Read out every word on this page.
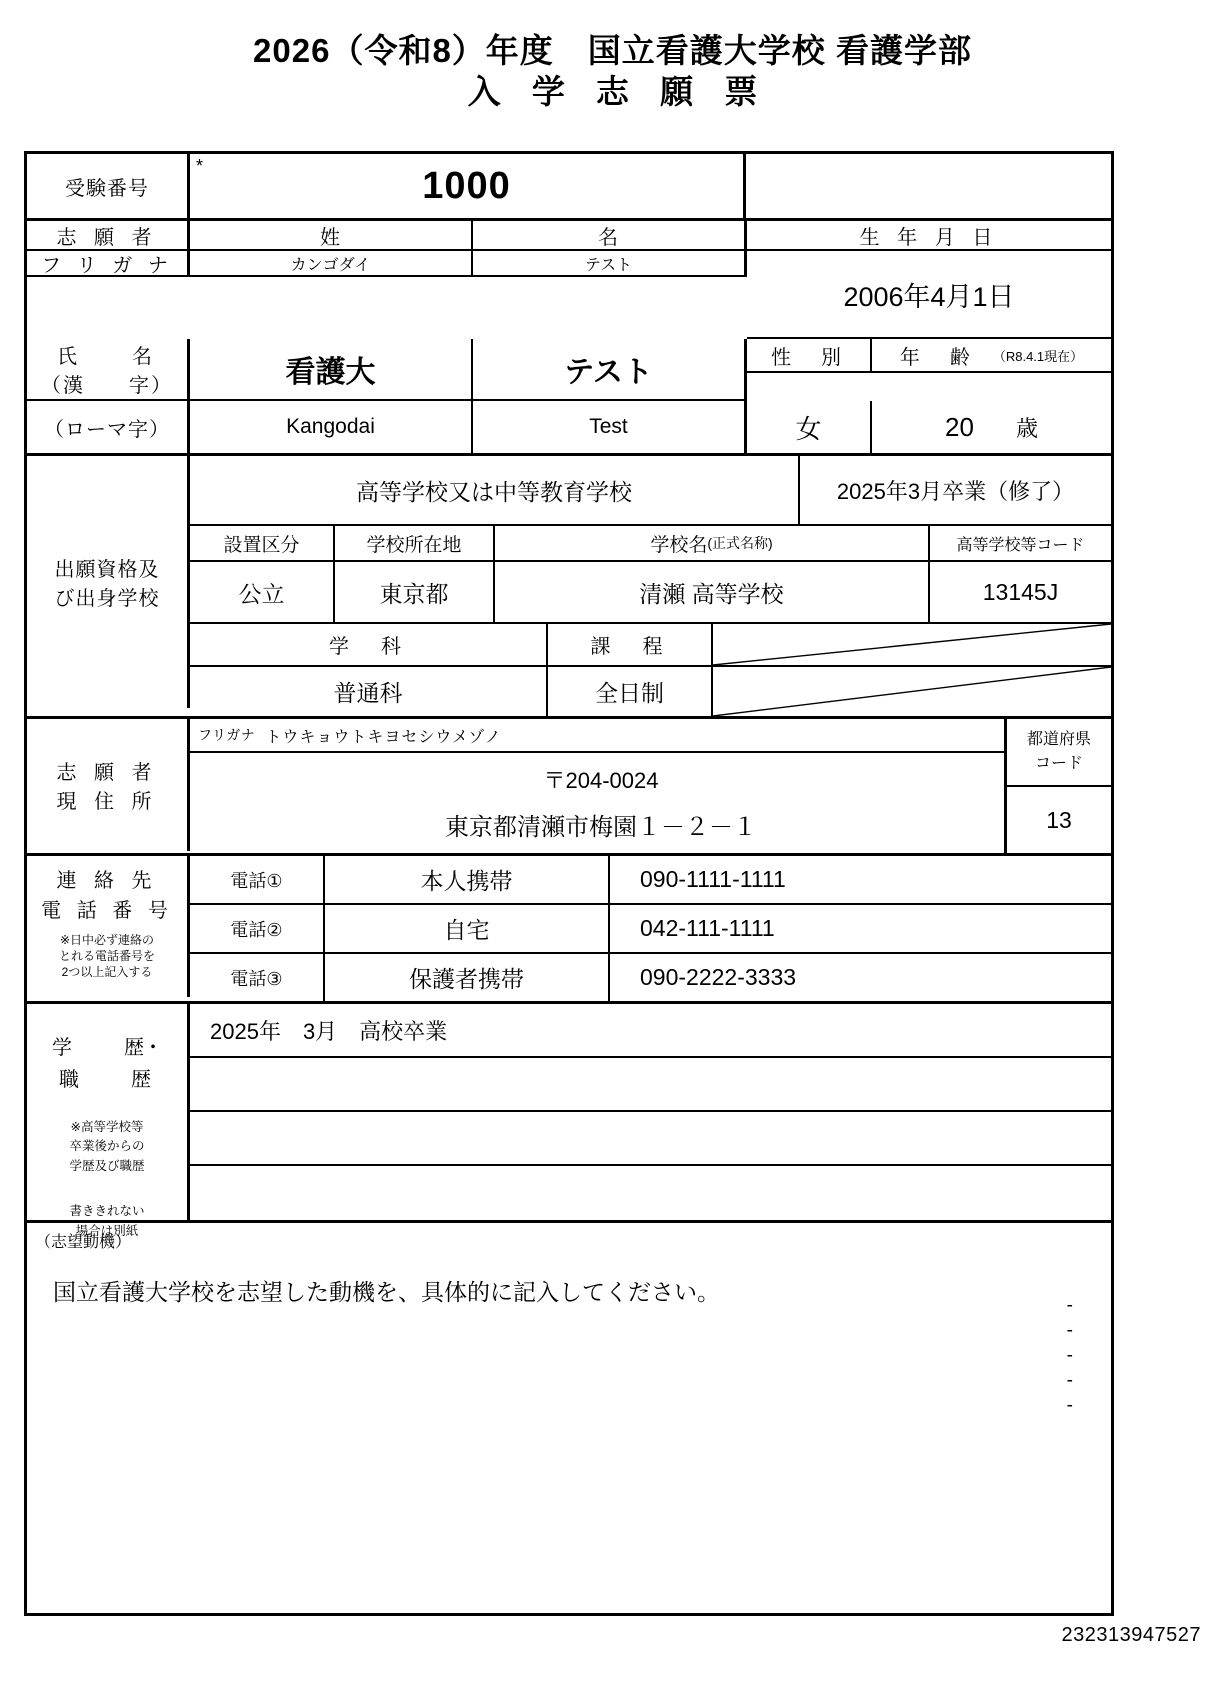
2026（令和8）年度　国立看護大学校 看護学部
入 学 志 願 票
受験番号
*	1000
志 願 者	姓	名	生 年 月 日
フ リ ガ ナ	カンゴダイ	テスト
2006年4月1日
氏　　名
（漢　　字）	看護大	テスト	性　別	年　齢 （R8.4.1現在）
（ローマ字）	Kangodai	Test	女	20 歳
出願資格及
び出身学校
高等学校又は中等教育学校	2025年3月卒業（修了）
設置区分	学校所在地	学校名 (正式名称)	高等学校等コード
公立	東京都	清瀬 高等学校	13145J
学　科	課　程
普通科	全日制
志 願 者
現 住 所
フリガナ トウキョウトキヨセシウメゾノ
〒204-0024
東京都清瀬市梅園１－２－１
都道府県
コード
13
連 絡 先
電 話 番 号
※日中必ず連絡の
とれる電話番号を
2つ以上記入する
電話①	本人携帯	090-1111-1111
電話②	自宅	042-111-1111
電話③	保護者携帯	090-2222-3333
学　　歴･
職　　歴
※高等学校等
卒業後からの
学歴及び職歴
書ききれない
場合は別紙
2025年　3月　高校卒業
（志望動機）
国立看護大学校を志望した動機を、具体的に記入してください。
-
-
-
-
-
232313947527
